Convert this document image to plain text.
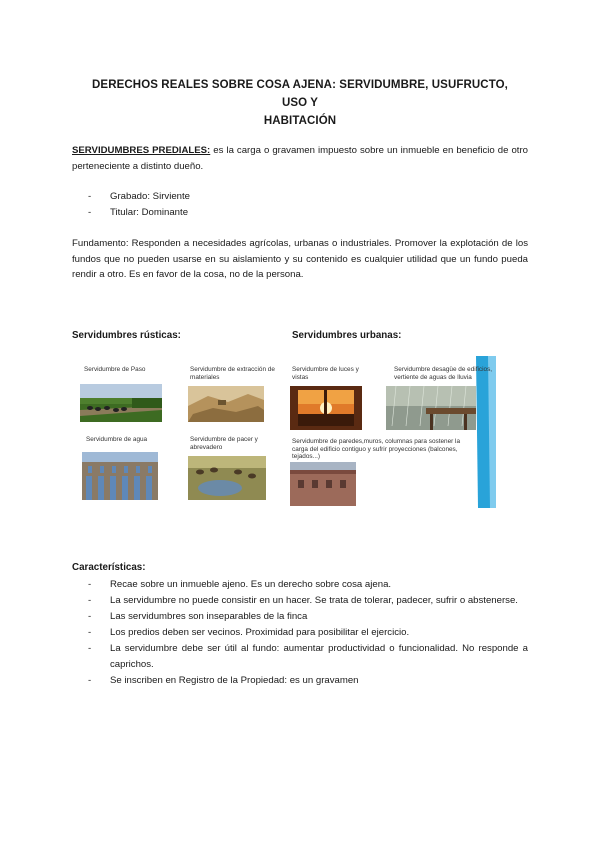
DERECHOS REALES SOBRE COSA AJENA: SERVIDUMBRE, USUFRUCTO, USO Y
HABITACIÓN
SERVIDUMBRES PREDIALES: es la carga o gravamen impuesto sobre un inmueble en beneficio de otro perteneciente a distinto dueño.
-	Grabado: Sirviente
-	Titular: Dominante
Fundamento: Responden a necesidades agrícolas, urbanas o industriales. Promover la explotación de los fundos que no pueden usarse en su aislamiento y su contenido es cualquier utilidad que un fundo pueda rendir a otro. Es en favor de la cosa, no de la persona.
Servidumbres rústicas:	Servidumbres urbanas:
Servidumbre de Paso	Servidumbre de extracción de materiales
Servidumbre de agua	Servidumbre de pacer y abrevadero
Servidumbre de luces y vistas
Servidumbre desagüe de edificios, vertiente de aguas de lluvia
Servidumbre de paredes,muros, columnas para sostener la carga del edificio contiguo y sufrir proyecciones (balcones, tejados...)
Características:
-	Recae sobre un inmueble ajeno. Es un derecho sobre cosa ajena.
-	La servidumbre no puede consistir en un hacer. Se trata de tolerar, padecer, sufrir o abstenerse.
-	Las servidumbres son inseparables de la finca
-	Los predios deben ser vecinos. Proximidad para posibilitar el ejercicio.
-	La servidumbre debe ser útil al fundo: aumentar productividad o funcionalidad. No responde a caprichos.
-	Se inscriben en Registro de la Propiedad: es un gravamen
